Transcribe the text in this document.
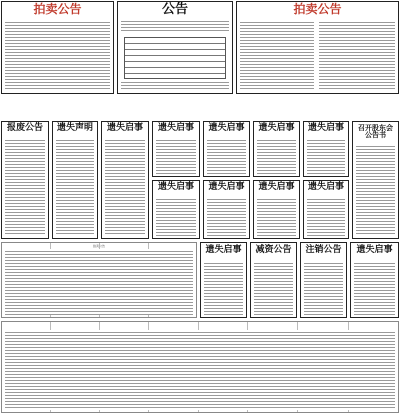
拍卖公告	公告	拍卖公告
报废公告	遗失声明	遗失启事	遗失启事
遗失启事
遗失启事
遗失启事
遗失启事
遗失启事
遗失启事
遗失启事
召开股东会公告书
拍卖公告	遗失启事	减资公告	注销公告	遗失启事
